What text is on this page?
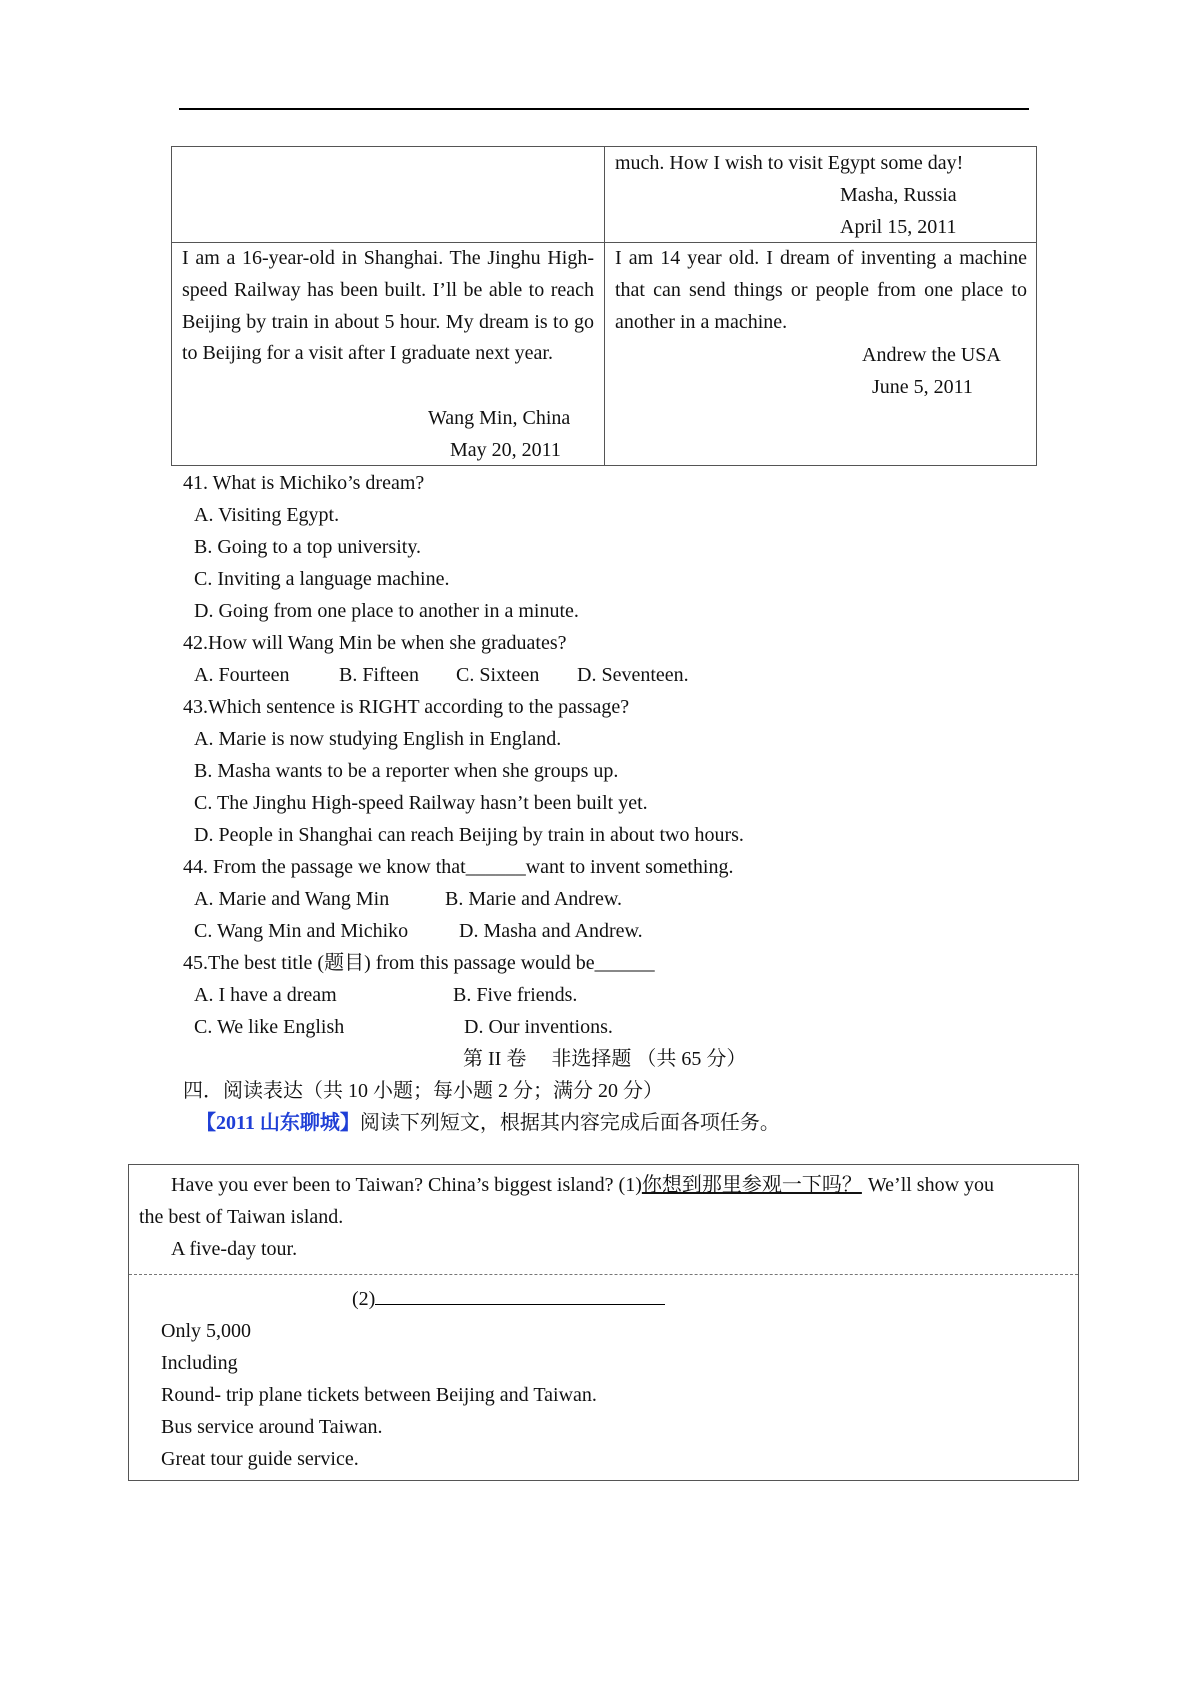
much. How I wish to visit Egypt some day!
Masha, Russia
April 15, 2011
I am a 16-year-old in Shanghai. The Jinghu High-speed Railway has been built. I’ll be able to reach Beijing by train in about 5 hour. My dream is to go to Beijing for a visit after I graduate next year.
Wang Min, China
May 20, 2011
I am 14 year old. I dream of inventing a machine that can send things or people from one place to another in a machine.
Andrew the USA
June 5, 2011
41. What is Michiko’s dream?
A. Visiting Egypt.
B. Going to a top university.
C. Inviting a language machine.
D. Going from one place to another in a minute.
42.How will Wang Min be when she graduates?
A. Fourteen B. Fifteen C. Sixteen D. Seventeen.
43.Which sentence is RIGHT according to the passage?
A. Marie is now studying English in England.
B. Masha wants to be a reporter when she groups up.
C. The Jinghu High-speed Railway hasn’t been built yet.
D. People in Shanghai can reach Beijing by train in about two hours.
44. From the passage we know that______want to invent something.
A. Marie and Wang Min	B. Marie and Andrew.
C. Wang Min and Michiko	D. Masha and Andrew.
45.The best title (题目) from this passage would be______
A. I have a dream	B. Five friends.
C. We like English	D. Our inventions.
第 II 卷　 非选择题 （共 65 分）
四．阅读表达（共 10 小题；每小题 2 分；满分 20 分）
【2011 山东聊城】阅读下列短文，根据其内容完成后面各项任务。
Have you ever been to Taiwan? China’s biggest island? (1)你想到那里参观一下吗？ We’ll show you
the best of Taiwan island.
A five-day tour.
(2)
Only 5,000
Including
Round- trip plane tickets between Beijing and Taiwan.
Bus service around Taiwan.
Great tour guide service.
